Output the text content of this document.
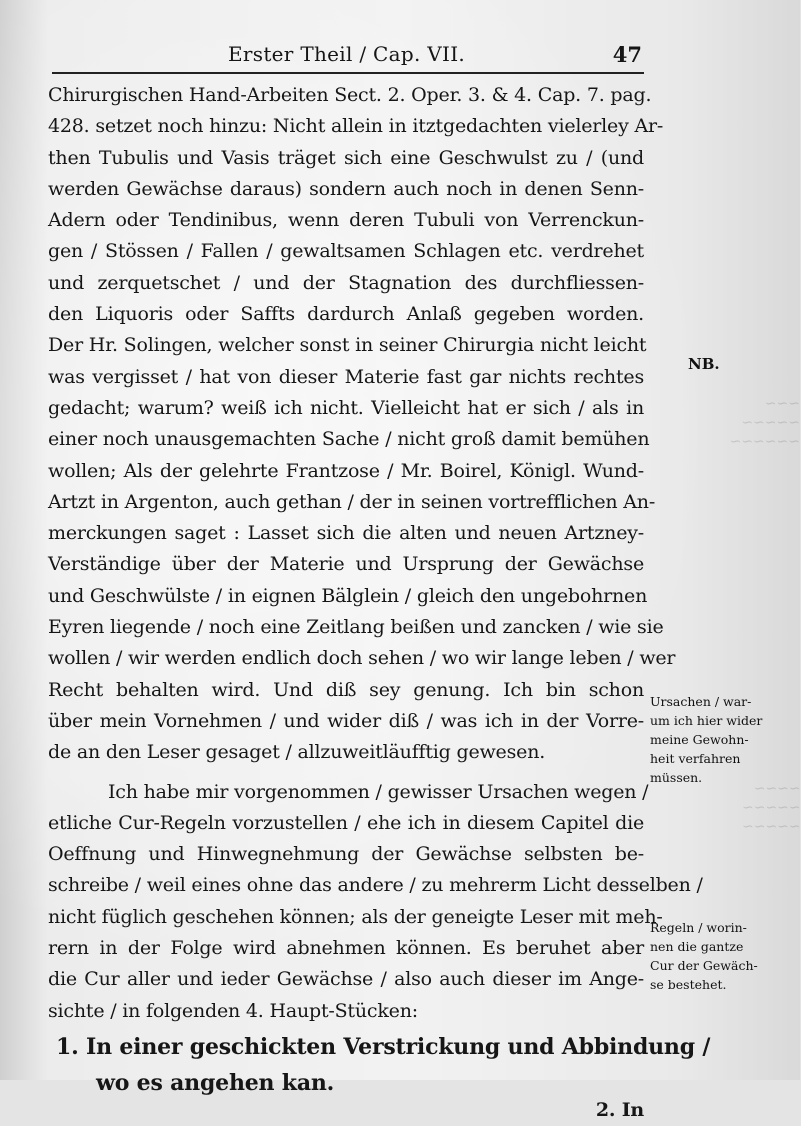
~~~ ~~~~~
~~~~~~
~~~~
~~~~~
~~~~~
Erster Theil / Cap. VII.	47
Chirurgischen Hand-Arbeiten Sect. 2. Oper. 3. & 4. Cap. 7. pag.
428. setzet noch hinzu: Nicht allein in itztgedachten vielerley Ar-
then Tubulis und Vasis träget sich eine Geschwulst zu / (und
werden Gewächse daraus) sondern auch noch in denen Senn-
Adern oder Tendinibus, wenn deren Tubuli von Verrenckun-
gen / Stössen / Fallen / gewaltsamen Schlagen etc. verdrehet
und zerquetschet / und der Stagnation des durchfliessen-
den Liquoris oder Saffts dardurch Anlaß gegeben worden.
Der Hr. Solingen, welcher sonst in seiner Chirurgia nicht leicht
was vergisset / hat von dieser Materie fast gar nichts rechtes
gedacht; warum? weiß ich nicht. Vielleicht hat er sich / als in
einer noch unausgemachten Sache / nicht groß damit bemühen
wollen; Als der gelehrte Frantzose / Mr. Boirel, Königl. Wund-
Artzt in Argenton, auch gethan / der in seinen vortrefflichen An-
merckungen saget : Lasset sich die alten und neuen Artzney-
Verständige über der Materie und Ursprung der Gewächse
und Geschwülste / in eignen Bälglein / gleich den ungebohrnen
Eyren liegende / noch eine Zeitlang beißen und zancken / wie sie
wollen / wir werden endlich doch sehen / wo wir lange leben / wer
Recht behalten wird. Und diß sey genung. Ich bin schon
über mein Vornehmen / und wider diß / was ich in der Vorre-
de an den Leser gesaget / allzuweitläufftig gewesen.
Ich habe mir vorgenommen / gewisser Ursachen wegen /
etliche Cur-Regeln vorzustellen / ehe ich in diesem Capitel die
Oeffnung und Hinwegnehmung der Gewächse selbsten be-
schreibe / weil eines ohne das andere / zu mehrerm Licht desselben /
nicht füglich geschehen können; als der geneigte Leser mit meh-
rern in der Folge wird abnehmen können. Es beruhet aber
die Cur aller und ieder Gewächse / also auch dieser im Ange-
sichte / in folgenden 4. Haupt-Stücken:
1. In einer geschickten Verstrickung und Abbindung /
wo es angehen kan.
2. In
NB.
Ursachen / war-
um ich hier wider
meine Gewohn-
heit verfahren
müssen.
Regeln / worin-
nen die gantze
Cur der Gewäch-
se bestehet.
